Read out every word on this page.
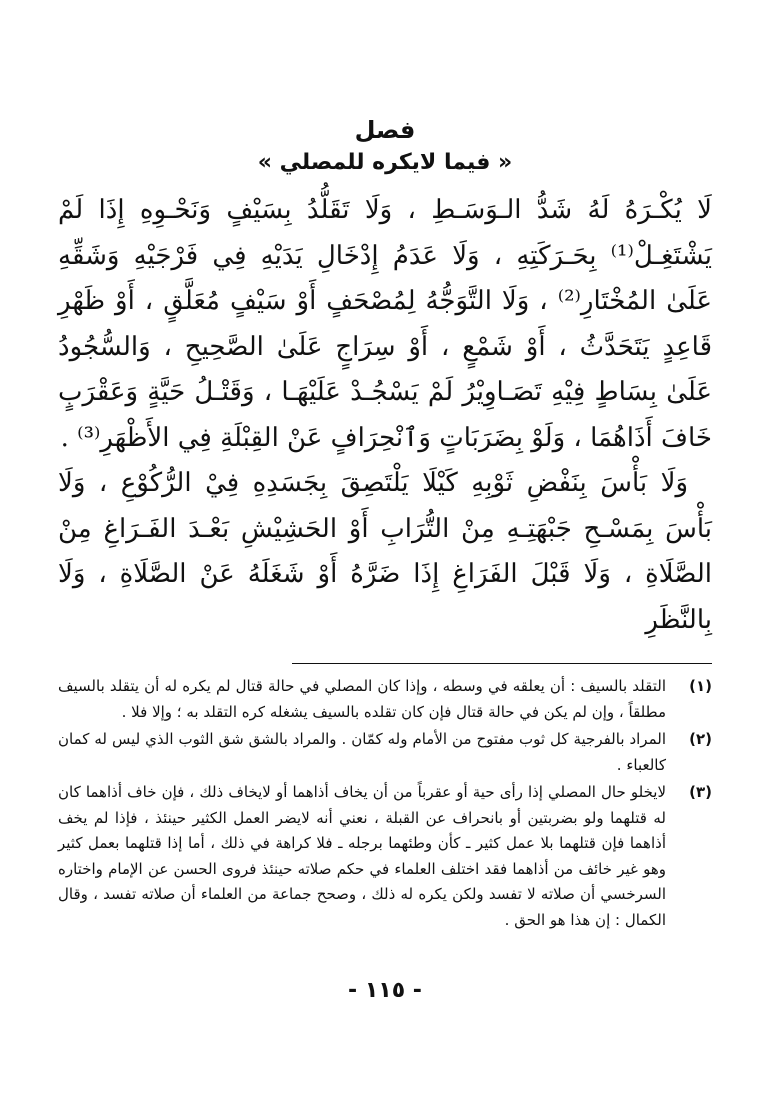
فصل
« فيما لايكره للمصلي »

لَا يُكْـرَهُ لَهُ شَدُّ الـوَسَـطِ ، وَلَا تَقَلُّدُ بِسَيْفٍ وَنَحْـوِهِ إِذَا لَمْ يَشْتَغِـلْ⁽¹⁾ بِحَـرَكَتِهِ ، وَلَا عَدَمُ إِدْخَالِ يَدَيْهِ فِي فَرْجَيْهِ وَشَقِّهِ عَلَىٰ المُخْتَارِ⁽²⁾ ، وَلَا التَّوَجُّهُ لِمُصْحَفٍ أَوْ سَيْفٍ مُعَلَّقٍ ، أَوْ ظَهْرِ قَاعِدٍ يَتَحَدَّثُ ، أَوْ شَمْعٍ ، أَوْ سِرَاجٍ عَلَىٰ الصَّحِيحِ ، وَالسُّجُودُ عَلَىٰ بِسَاطٍ فِيْهِ تَصَـاوِيْرُ لَمْ يَسْجُـدْ عَلَيْهَـا ، وَقَتْـلُ حَيَّةٍ وَعَقْرَبٍ خَافَ أَذَاهُمَا ، وَلَوْ بِضَرَبَاتٍ وَٱنْحِرَافٍ عَنْ القِبْلَةِ فِي الأَظْهَرِ⁽³⁾ .

وَلَا بَأْسَ بِنَفْضِ ثَوْبِهِ كَيْلَا يَلْتَصِقَ بِجَسَدِهِ فِيْ الرُّكُوْعِ ، وَلَا بَأْسَ بِمَسْـحِ جَبْهَتِـهِ مِنْ التُّرَابِ أَوْ الحَشِيْشِ بَعْـدَ الفَـرَاغِ مِنْ الصَّلَاةِ ، وَلَا قَبْلَ الفَرَاغِ إِذَا ضَرَّهُ أَوْ شَغَلَهُ عَنْ الصَّلَاةِ ، وَلَا بِالنَّظَرِ

(١)
التقلد بالسيف : أن يعلقه في وسطه ، وإذا كان المصلي في حالة قتال لم يكره له أن يتقلد بالسيف مطلقاً ، وإن لم يكن في حالة قتال فإن كان تقلده بالسيف يشغله كره التقلد به ؛ وإلا فلا .
(٢)
المراد بالفرجية كل ثوب مفتوح من الأمام وله كمّان . والمراد بالشق شق الثوب الذي ليس له كمان كالعباء .
(٣)
لايخلو حال المصلي إذا رأى حية أو عقرباً من أن يخاف أذاهما أو لايخاف ذلك ، فإن خاف أذاهما كان له قتلهما ولو بضربتين أو بانحراف عن القبلة ، نعني أنه لايضر العمل الكثير حينئذ ، فإذا لم يخف أذاهما فإن قتلهما بلا عمل كثير ـ كأن وطئهما برجله ـ فلا كراهة في ذلك ، أما إذا قتلهما بعمل كثير وهو غير خائف من أذاهما فقد اختلف العلماء في حكم صلاته حينئذ فروى الحسن عن الإمام واختاره السرخسي أن صلاته لا تفسد ولكن يكره له ذلك ، وصحح جماعة من العلماء أن صلاته تفسد ، وقال الكمال : إن هذا هو الحق .
- ١١٥ -
